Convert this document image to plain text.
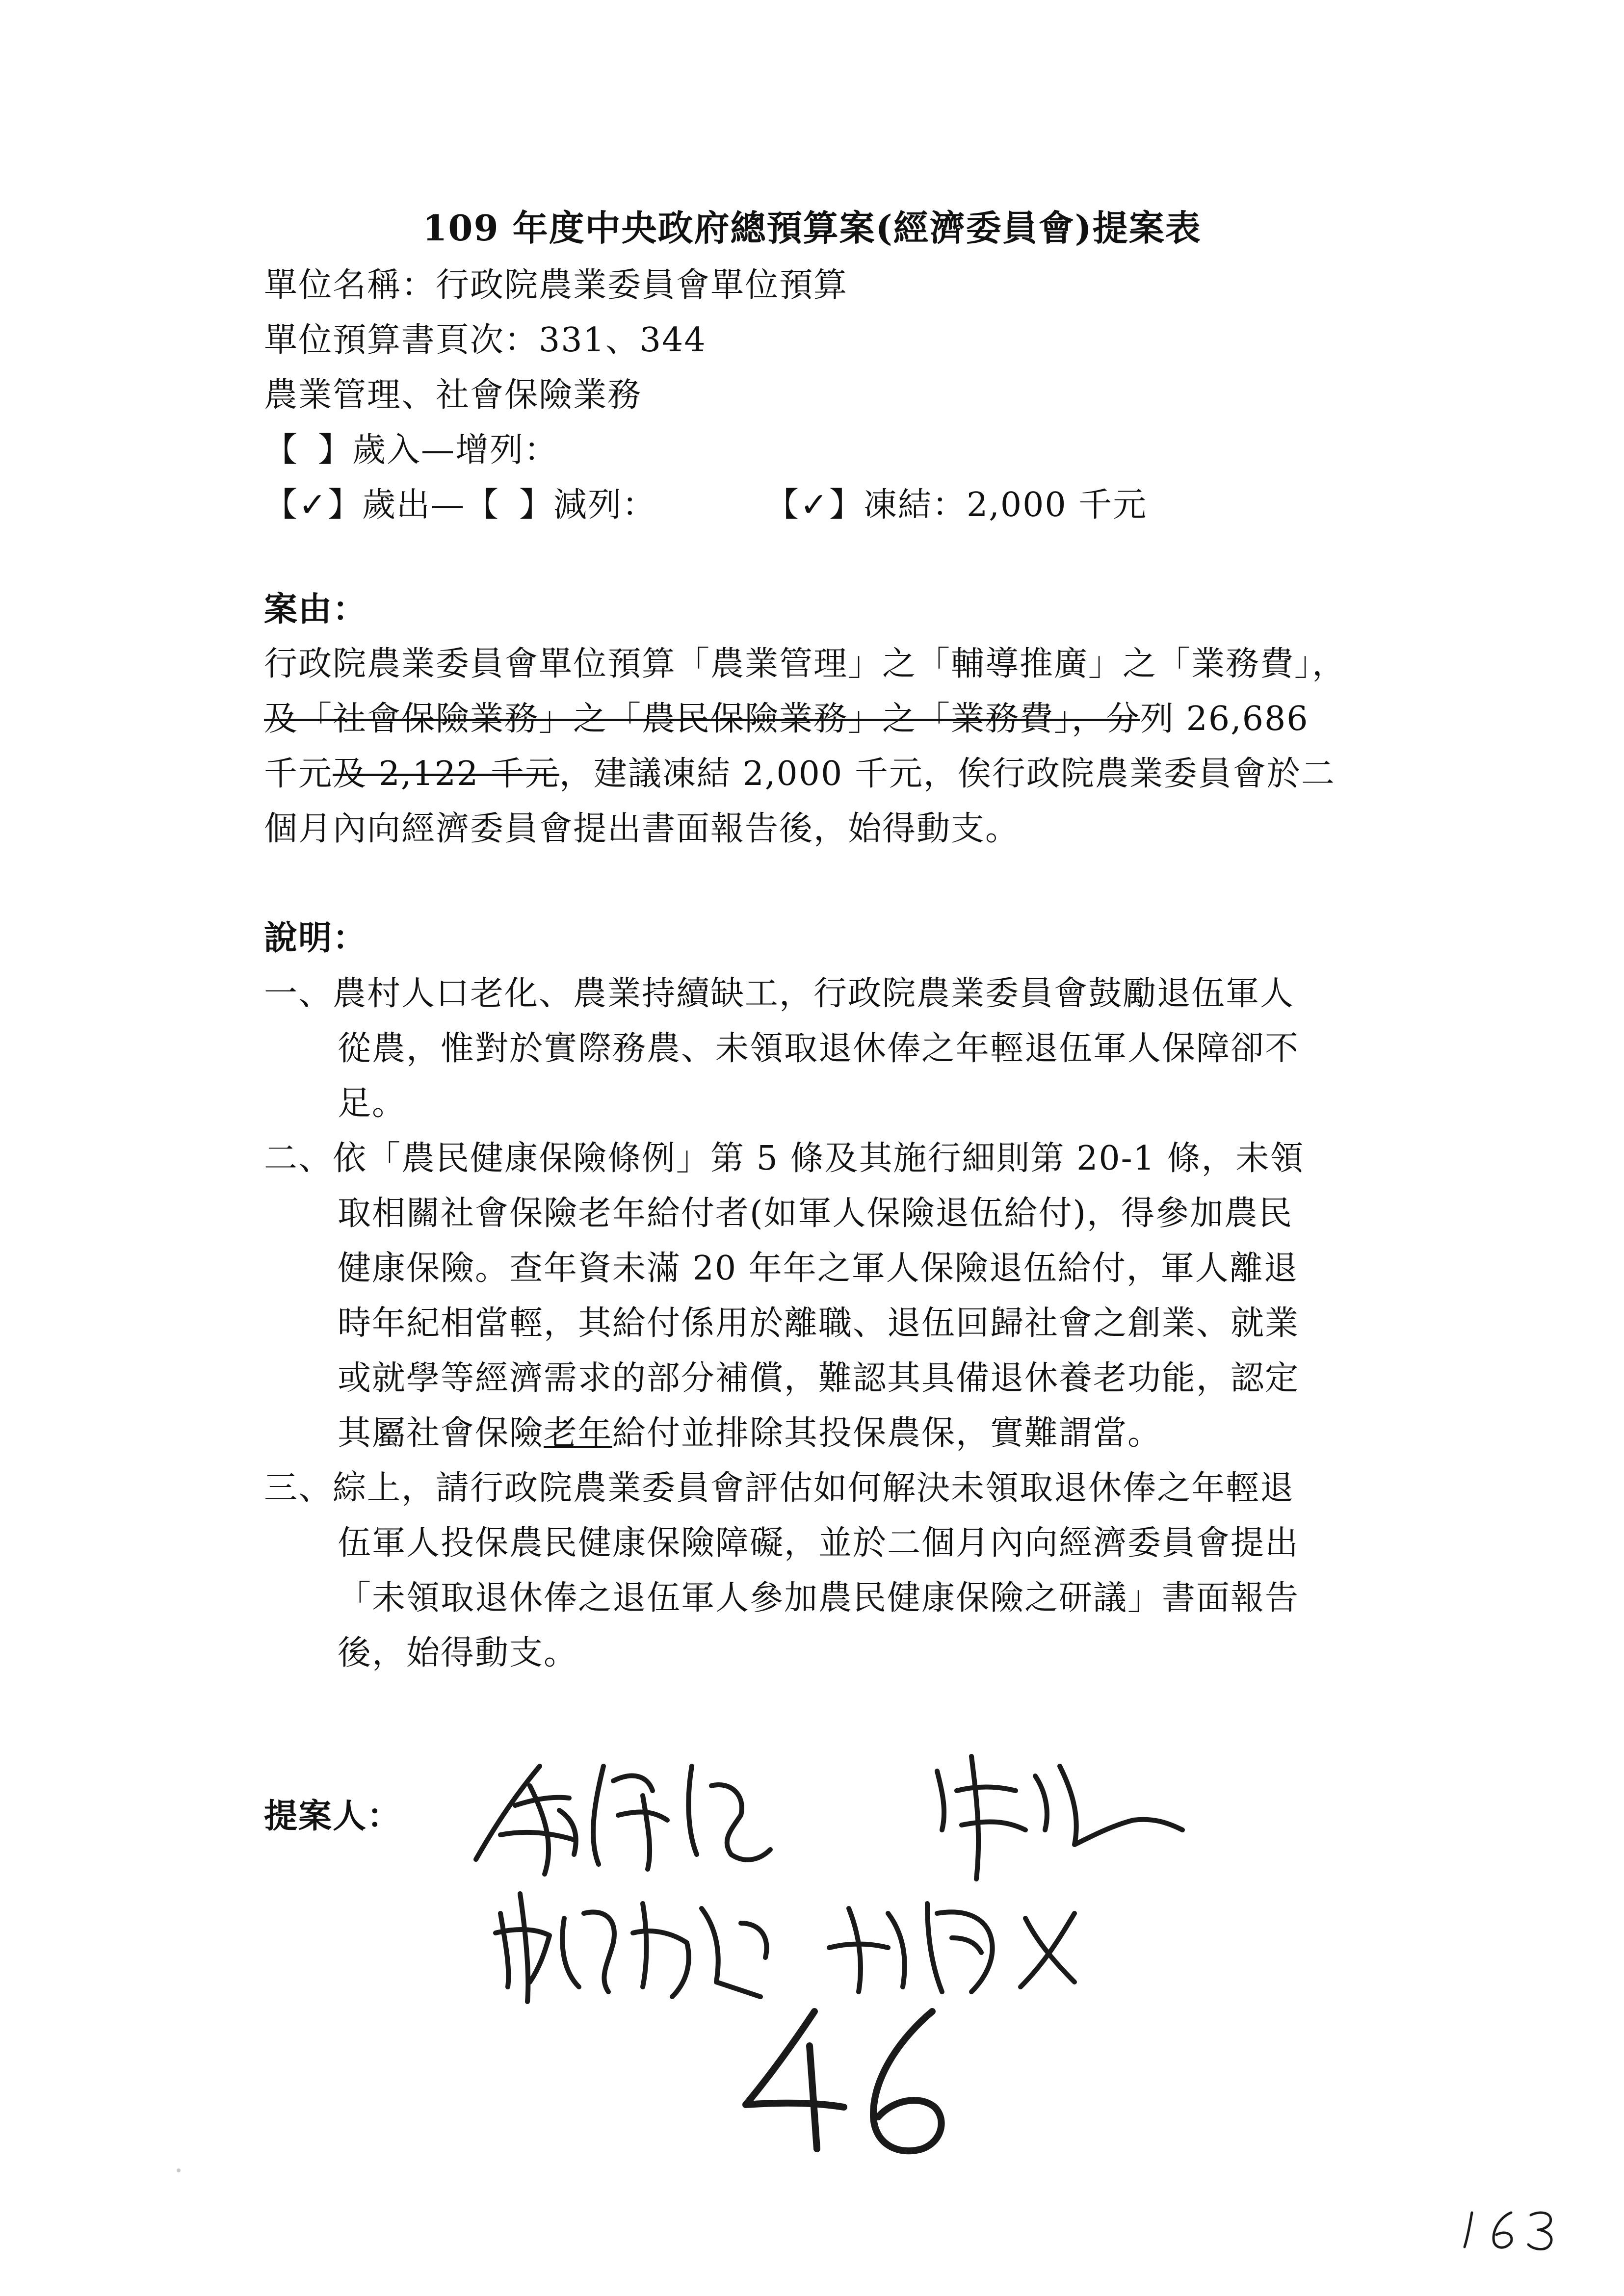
109 年度中央政府總預算案(經濟委員會)提案表
單位名稱：行政院農業委員會單位預算
單位預算書頁次：331、344
農業管理、社會保險業務
【 】歲入—增列：
【✓】歲出—【 】減列：	【✓】凍結：2,000 千元
案由：
行政院農業委員會單位預算「農業管理」之「輔導推廣」之「業務費」，
及「社會保險業務」之「農民保險業務」之「業務費」，分列 26,686
千元及 2,122 千元，建議凍結 2,000 千元，俟行政院農業委員會於二
個月內向經濟委員會提出書面報告後，始得動支。
說明：
一、農村人口老化、農業持續缺工，行政院農業委員會鼓勵退伍軍人
從農，惟對於實際務農、未領取退休俸之年輕退伍軍人保障卻不
足。
二、依「農民健康保險條例」第 5 條及其施行細則第 20-1 條，未領
取相關社會保險老年給付者(如軍人保險退伍給付)，得參加農民
健康保險。查年資未滿 20 年年之軍人保險退伍給付，軍人離退
時年紀相當輕，其給付係用於離職、退伍回歸社會之創業、就業
或就學等經濟需求的部分補償，難認其具備退休養老功能，認定
其屬社會保險老年給付並排除其投保農保，實難謂當。
三、綜上，請行政院農業委員會評估如何解決未領取退休俸之年輕退
伍軍人投保農民健康保險障礙，並於二個月內向經濟委員會提出
「未領取退休俸之退伍軍人參加農民健康保險之研議」書面報告
後，始得動支。
提案人：
